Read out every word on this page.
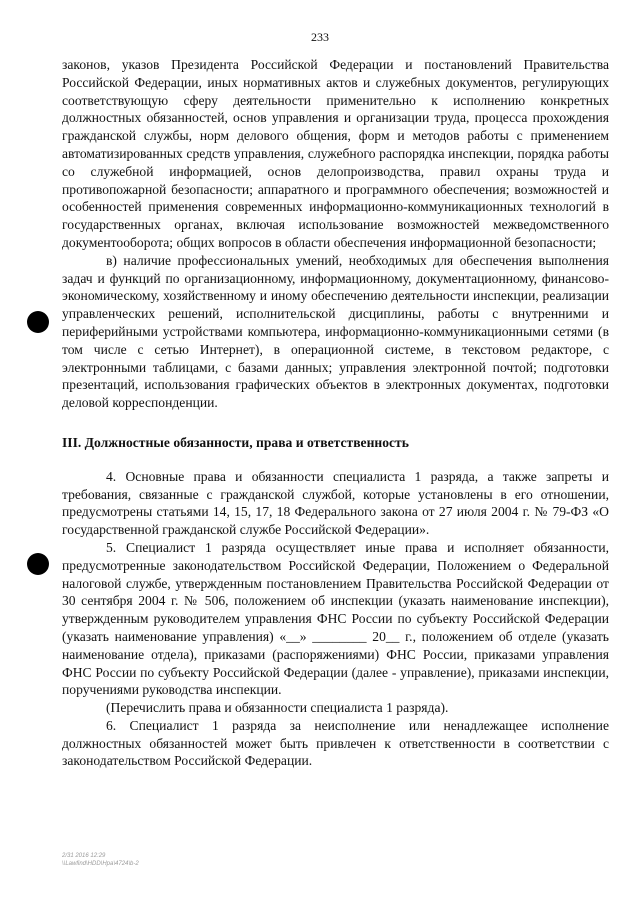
233

законов, указов Президента Российской Федерации и постановлений Правительства Российской Федерации, иных нормативных актов и служебных документов, регулирующих соответствующую сферу деятельности применительно к исполнению конкретных должностных обязанностей, основ управления и организации труда, процесса прохождения гражданской службы, норм делового общения, форм и методов работы с применением автоматизированных средств управления, служебного распорядка инспекции, порядка работы со служебной информацией, основ делопроизводства, правил охраны труда и противопожарной безопасности; аппаратного и программного обеспечения; возможностей и особенностей применения современных информационно-коммуникационных технологий в государственных органах, включая использование возможностей межведомственного документооборота; общих вопросов в области обеспечения информационной безопасности;

в) наличие профессиональных умений, необходимых для обеспечения выполнения задач и функций по организационному, информационному, документационному, финансово-экономическому, хозяйственному и иному обеспечению деятельности инспекции, реализации управленческих решений, исполнительской дисциплины, работы с внутренними и периферийными устройствами компьютера, информационно-коммуникационными сетями (в том числе с сетью Интернет), в операционной системе, в текстовом редакторе, с электронными таблицами, с базами данных; управления электронной почтой; подготовки презентаций, использования графических объектов в электронных документах, подготовки деловой корреспонденции.

III. Должностные обязанности, права и ответственность

4. Основные права и обязанности специалиста 1 разряда, а также запреты и требования, связанные с гражданской службой, которые установлены в его отношении, предусмотрены статьями 14, 15, 17, 18 Федерального закона от 27 июля 2004 г. № 79-ФЗ «О государственной гражданской службе Российской Федерации».

5. Специалист 1 разряда осуществляет иные права и исполняет обязанности, предусмотренные законодательством Российской Федерации, Положением о Федеральной налоговой службе, утвержденным постановлением Правительства Российской Федерации от 30 сентября 2004 г. № 506, положением об инспекции (указать наименование инспекции), утвержденным руководителем управления ФНС России по субъекту Российской Федерации (указать наименование управления) «__» ________ 20__ г., положением об отделе (указать наименование отдела), приказами (распоряжениями) ФНС России, приказами управления ФНС России по субъекту Российской Федерации (далее - управление), приказами инспекции, поручениями руководства инспекции.

(Перечислить права и обязанности специалиста 1 разряда).

6. Специалист 1 разряда за неисполнение или ненадлежащее исполнение должностных обязанностей может быть привлечен к ответственности в соответствии с законодательством Российской Федерации.

2/31 2016 12:29
\\Lawfind\HDD\Hpa\4724\b-2
